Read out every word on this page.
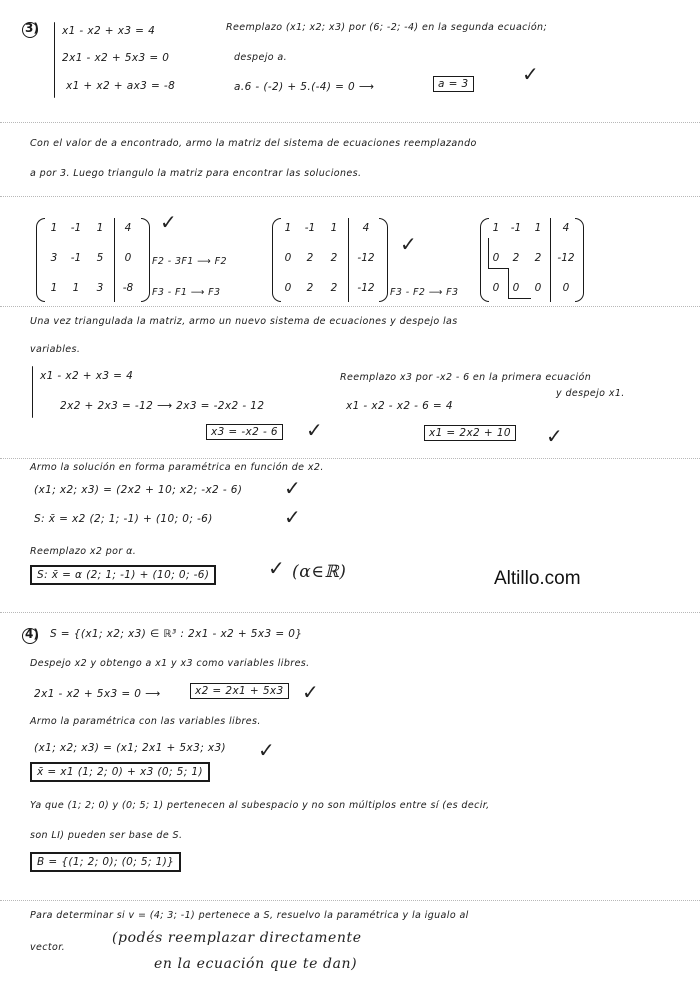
3) x1 - x2 + x3 = 4
2x1 - x2 + 5x3 = 0
x1 + x2 + ax3 = -8
Reemplazo (x1; x2; x3) por (6; -2; -4) en la segunda ecuación;
despejo a.
a.6 - (-2) + 5.(-4) = 0 ⟶	a = 3	✓
Con el valor de a encontrado, armo la matriz del sistema de ecuaciones reemplazando
a por 3. Luego triangulo la matriz para encontrar las soluciones.
1	-1	1	4
3	-1	5	0
1	1	3	-8
✓
F2 - 3F1 ⟶ F2
F3 - F1 ⟶ F3
1	-1	1	4
0	2	2	-12
0	2	2	-12
✓
F3 - F2 ⟶ F3
1	-1	1	4
0	2	2	-12
0	0	0	0
Una vez triangulada la matriz, armo un nuevo sistema de ecuaciones y despejo las
variables.
x1 - x2 + x3 = 4
2x2 + 2x3 = -12 ⟶ 2x3 = -2x2 - 12
x3 = -x2 - 6 ✓
Reemplazo x3 por -x2 - 6 en la primera ecuación
y despejo x1.
x1 - x2 - x2 - 6 = 4
x1 = 2x2 + 10 ✓
Armo la solución en forma paramétrica en función de x2.
(x1; x2; x3) = (2x2 + 10; x2; -x2 - 6) ✓
S: x̄ = x2 (2; 1; -1) + (10; 0; -6)	✓
Reemplazo x2 por α.
S: x̄ = α (2; 1; -1) + (10; 0; -6)	✓ (α∈ℝ)	Altillo.com
4) S = {(x1; x2; x3) ∈ ℝ³ : 2x1 - x2 + 5x3 = 0}
Despejo x2 y obtengo a x1 y x3 como variables libres.
2x1 - x2 + 5x3 = 0 ⟶	x2 = 2x1 + 5x3 ✓
Armo la paramétrica con las variables libres.
(x1; x2; x3) = (x1; 2x1 + 5x3; x3) ✓
x̄ = x1 (1; 2; 0) + x3 (0; 5; 1)
Ya que (1; 2; 0) y (0; 5; 1) pertenecen al subespacio y no son múltiplos entre sí (es decir,
son LI) pueden ser base de S.
B = {(1; 2; 0); (0; 5; 1)}
Para determinar si v = (4; 3; -1) pertenece a S, resuelvo la paramétrica y la igualo al
vector.
(podés reemplazar directamente
en la ecuación que te dan)
